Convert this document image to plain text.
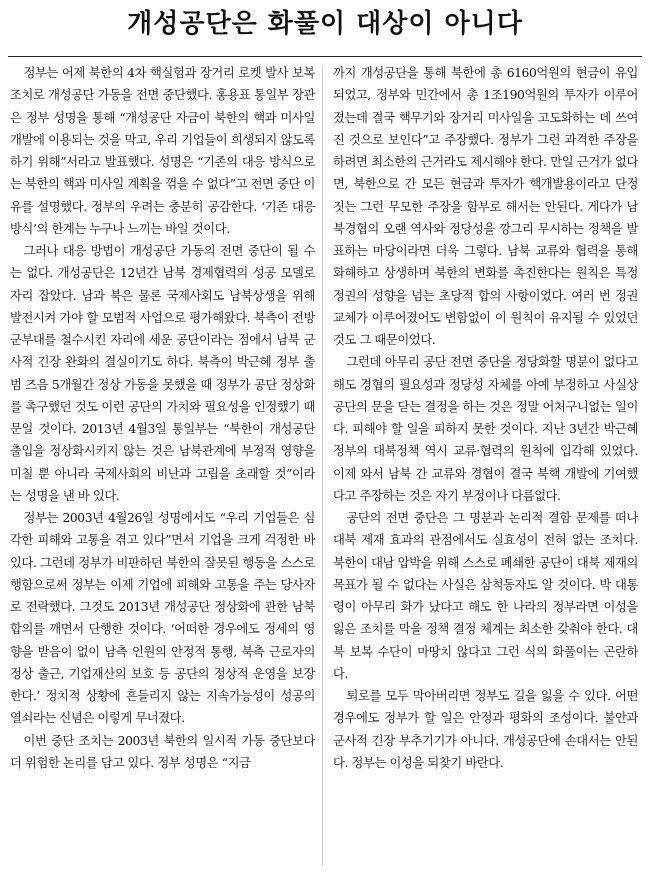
개성공단은 화풀이 대상이 아니다

정부는 어제 북한의 4차 핵실험과 장거리 로켓 발사 보복 조치로 개성공단 가동을 전면 중단했다. 홍용표 통일부 장관은 정부 성명을 통해 “개성공단 자금이 북한의 핵과 미사일 개발에 이용되는 것을 막고, 우리 기업들이 희생되지 않도록 하기 위해”서라고 발표했다. 성명은 “기존의 대응 방식으로는 북한의 핵과 미사일 계획을 꺾을 수 없다”고 전면 중단 이유를 설명했다. 정부의 우려는 충분히 공감한다. ‘기존 대응 방식’의 한계는 누구나 느끼는 바일 것이다.

그러나 대응 방법이 개성공단 가동의 전면 중단이 될 수는 없다. 개성공단은 12년간 남북 경제협력의 성공 모델로 자리 잡았다. 남과 북은 물론 국제사회도 남북상생을 위해 발전시켜 가야 할 모범적 사업으로 평가해왔다. 북측이 전방 군부대를 철수시킨 자리에 세운 공단이라는 점에서 남북 군사적 긴장 완화의 결실이기도 하다. 북측이 박근혜 정부 출범 즈음 5개월간 정상 가동을 못했을 때 정부가 공단 정상화를 촉구했던 것도 이런 공단의 가치와 필요성을 인정했기 때문일 것이다. 2013년 4월3일 통일부는 “북한이 개성공단 출입을 정상화시키지 않는 것은 남북관계에 부정적 영향을 미칠 뿐 아니라 국제사회의 비난과 고립을 초래할 것”이라는 성명을 낸 바 있다.

정부는 2003년 4월26일 성명에서도 “우리 기업들은 심각한 피해와 고통을 겪고 있다”면서 기업을 크게 걱정한 바 있다. 그런데 정부가 비판하던 북한의 잘못된 행동을 스스로 행함으로써 정부는 이제 기업에 피해와 고통을 주는 당사자로 전락했다. 그것도 2013년 개성공단 정상화에 관한 남북 합의를 깨면서 단행한 것이다. ‘어떠한 경우에도 정세의 영향을 받음이 없이 남측 인원의 안정적 통행, 북측 근로자의 정상 출근, 기업재산의 보호 등 공단의 정상적 운영을 보장한다.’ 정치적 상황에 흔들리지 않는 지속가능성이 성공의 열쇠라는 신념은 이렇게 무너졌다.

이번 중단 조치는 2003년 북한의 일시적 가동 중단보다 더 위험한 논리를 담고 있다. 정부 성명은 “지금

까지 개성공단을 통해 북한에 총 6160억원의 현금이 유입되었고, 정부와 민간에서 총 1조190억원의 투자가 이루어졌는데 결국 핵무기와 장거리 미사일을 고도화하는 데 쓰여진 것으로 보인다”고 주장했다. 정부가 그런 과격한 주장을 하려면 최소한의 근거라도 제시해야 한다. 만일 근거가 없다면, 북한으로 간 모든 현금과 투자가 핵개발용이라고 단정 짓는 그런 무모한 주장을 함부로 해서는 안된다. 게다가 남북경협의 오랜 역사와 정당성을 깡그리 무시하는 정책을 발표하는 마당이라면 더욱 그렇다. 남북 교류와 협력을 통해 화해하고 상생하며 북한의 변화를 촉진한다는 원칙은 특정 정권의 성향을 넘는 초당적 합의 사항이었다. 여러 번 정권 교체가 이루어졌어도 변함없이 이 원칙이 유지될 수 있었던 것도 그 때문이었다.

그런데 아무리 공단 전면 중단을 정당화할 명분이 없다고 해도 경협의 필요성과 정당성 자체를 아예 부정하고 사실상 공단의 문을 닫는 결정을 하는 것은 정말 어처구니없는 일이다. 피해야 할 일을 피하지 못한 것이다. 지난 3년간 박근혜 정부의 대북정책 역시 교류·협력의 원칙에 입각해 있었다. 이제 와서 남북 간 교류와 경협이 결국 북핵 개발에 기여했다고 주장하는 것은 자기 부정이나 다름없다.

공단의 전면 중단은 그 명분과 논리적 결함 문제를 떠나 대북 제재 효과의 관점에서도 실효성이 전혀 없는 조치다. 북한이 대남 압박을 위해 스스로 폐쇄한 공단이 대북 제재의 목표가 될 수 없다는 사실은 삼척동자도 알 것이다. 박 대통령이 아무리 화가 났다고 해도 한 나라의 정부라면 이성을 잃은 조치를 막을 정책 결정 체계는 최소한 갖춰야 한다. 대북 보복 수단이 마땅치 않다고 그런 식의 화풀이는 곤란하다.

퇴로를 모두 막아버리면 정부도 길을 잃을 수 있다. 어떤 경우에도 정부가 할 일은 안정과 평화의 조성이다. 불안과 군사적 긴장 부추기기가 아니다. 개성공단에 손대서는 안된다. 정부는 이성을 되찾기 바란다.
